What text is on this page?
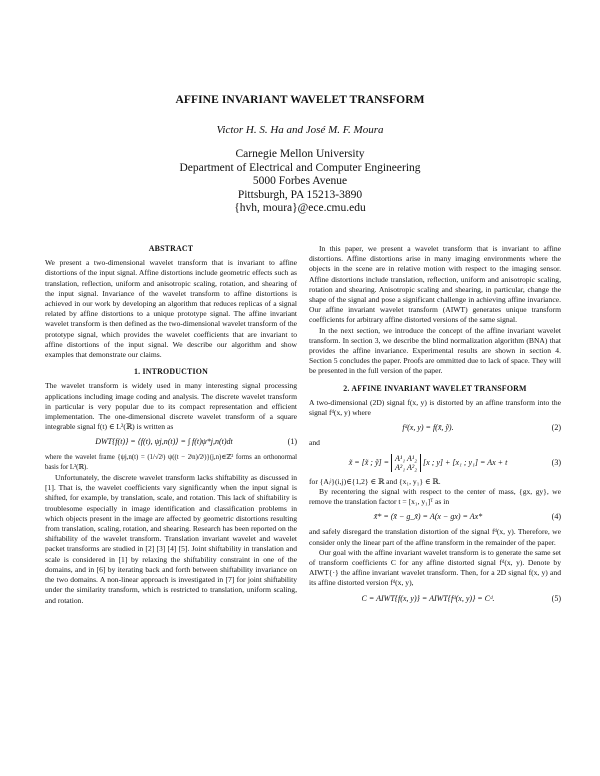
AFFINE INVARIANT WAVELET TRANSFORM
Victor H. S. Ha and José M. F. Moura
Carnegie Mellon University
Department of Electrical and Computer Engineering
5000 Forbes Avenue
Pittsburgh, PA 15213-3890
{hvh, moura}@ece.cmu.edu
ABSTRACT

We present a two-dimensional wavelet transform that is invariant to affine distortions of the input signal. Affine distortions include geometric effects such as translation, reflection, uniform and anisotropic scaling, rotation, and shearing of the input signal. Invariance of the wavelet transform to affine distortions is achieved in our work by developing an algorithm that reduces replicas of a signal related by affine distortions to a unique prototype signal. The affine invariant wavelet transform is then defined as the two-dimensional wavelet transform of the prototype signal, which provides the wavelet coefficients that are invariant to affine distortions of the input signal. We describe our algorithm and show examples that demonstrate our claims.

1. INTRODUCTION

The wavelet transform is widely used in many interesting signal processing applications including image coding and analysis. The discrete wavelet transform in particular is very popular due to its compact representation and efficient implementation. The one-dimensional discrete wavelet transform of a square integrable signal f(t) ∈ L²(ℝ) is written as

DWT{f(t)} = ⟨f(t), ψj,n(t)⟩ = ∫ f(t)ψ*j,n(t)dt	(1)

where the wavelet frame {ψj,n(t) = (1/√2ʲ) ψ((t − 2ʲn)/2ʲ)}(j,n)∈ℤ² forms an orthonormal basis for L²(ℝ).

Unfortunately, the discrete wavelet transform lacks shiftability as discussed in [1]. That is, the wavelet coefficients vary significantly when the input signal is shifted, for example, by translation, scale, and rotation. This lack of shiftability is troublesome especially in image identification and classification problems in which objects present in the image are affected by geometric distortions resulting from translation, scaling, rotation, and shearing. Research has been reported on the shiftability of the wavelet transform. Translation invariant wavelet and wavelet packet transforms are studied in [2] [3] [4] [5]. Joint shiftability in translation and scale is considered in [1] by relaxing the shiftability constraint in one of the domains, and in [6] by iterating back and forth between shiftability invariance on the two domains. A non-linear approach is investigated in [7] for joint shiftability under the similarity transform, which is restricted to translation, uniform scaling, and rotation.

In this paper, we present a wavelet transform that is invariant to affine distortions. Affine distortions arise in many imaging environments where the objects in the scene are in relative motion with respect to the imaging sensor. Affine distortions include translation, reflection, uniform and anisotropic scaling, rotation and shearing. Anisotropic scaling and shearing, in particular, change the shape of the signal and pose a significant challenge in achieving affine invariance. Our affine invariant wavelet transform (AIWT) generates unique transform coefficients for arbitrary affine distorted versions of the same signal.

In the next section, we introduce the concept of the affine invariant wavelet transform. In section 3, we describe the blind normalization algorithm (BNA) that provides the affine invariance. Experimental results are shown in section 4. Section 5 concludes the paper. Proofs are ommitted due to lack of space. They will be presented in the full version of the paper.

2. AFFINE INVARIANT WAVELET TRANSFORM

A two-dimensional (2D) signal f(x, y) is distorted by an affine transform into the signal fᵈ(x, y) where

fᵈ(x, y) = f(x̃, ỹ).	(2)

and

x̃ = [x̃ ; ỹ] = A¹₁ A¹₂
A²₁ A²₂ [x ; y] + [x₁ ; y₁] = Ax + t	(3)

for {Aᵢʲ}(i,j)∈{1,2} ∈ ℝ and {x₁, y₁} ∈ ℝ.

By recentering the signal with respect to the center of mass, {gx, gy}, we remove the translation factor t = [x₁, y₁]ᵀ as in

x̃* = (x̃ − g_x̃) = A(x − gx) = Ax*	(4)

and safely disregard the translation distortion of the signal fᵈ(x, y). Therefore, we consider only the linear part of the affine transform in the remainder of the paper.

Our goal with the affine invariant wavelet transform is to generate the same set of transform coefficients C for any affine distorted signal fᵈ(x, y). Denote by AIWT{·} the affine invariant wavelet transform. Then, for a 2D signal f(x, y) and its affine distorted version fᵈ(x, y),

C = AIWT{f(x, y)} = AIWT{fᵈ(x, y)} = Cᵈ.	(5)
